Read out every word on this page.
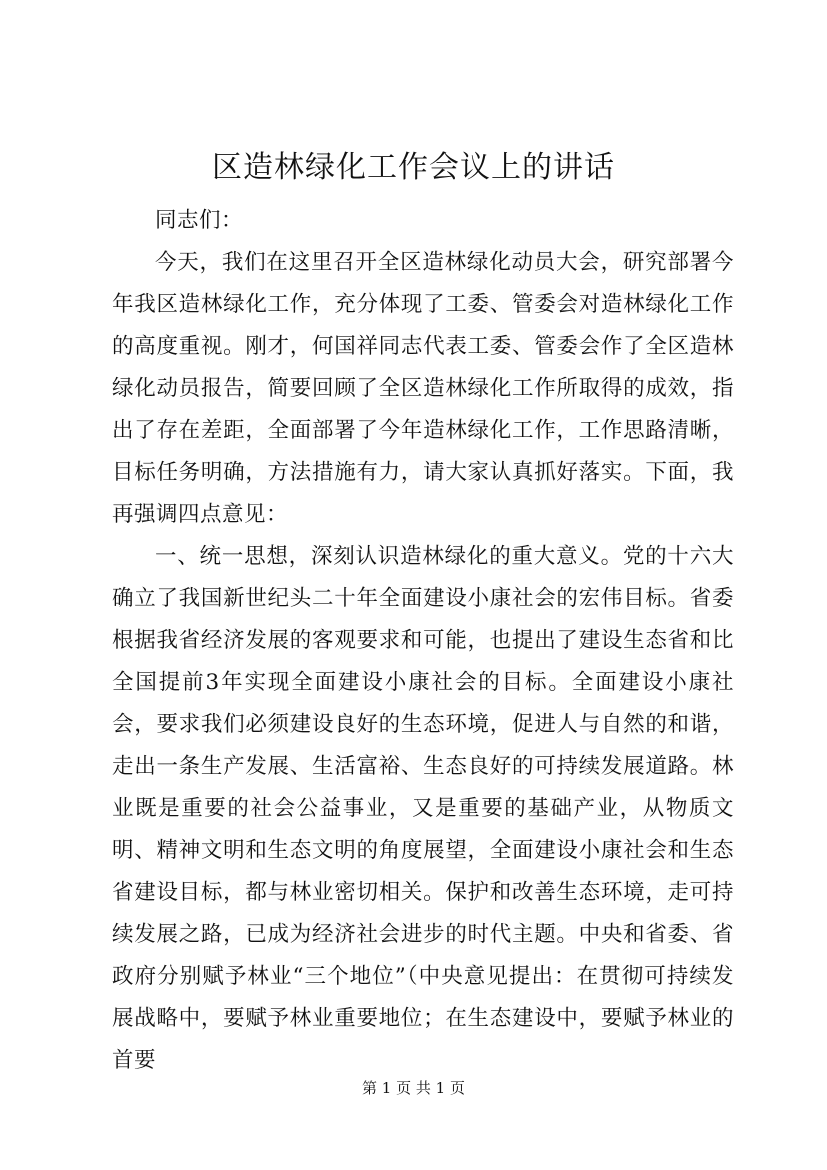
区造林绿化工作会议上的讲话

同志们：

今天，我们在这里召开全区造林绿化动员大会，研究部署今年我区造林绿化工作，充分体现了工委、管委会对造林绿化工作的高度重视。刚才，何国祥同志代表工委、管委会作了全区造林绿化动员报告，简要回顾了全区造林绿化工作所取得的成效，指出了存在差距，全面部署了今年造林绿化工作，工作思路清晰，目标任务明确，方法措施有力，请大家认真抓好落实。下面，我再强调四点意见：

一、统一思想，深刻认识造林绿化的重大意义。党的十六大确立了我国新世纪头二十年全面建设小康社会的宏伟目标。省委根据我省经济发展的客观要求和可能，也提出了建设生态省和比全国提前3年实现全面建设小康社会的目标。全面建设小康社会，要求我们必须建设良好的生态环境，促进人与自然的和谐，走出一条生产发展、生活富裕、生态良好的可持续发展道路。林业既是重要的社会公益事业，又是重要的基础产业，从物质文明、精神文明和生态文明的角度展望，全面建设小康社会和生态省建设目标，都与林业密切相关。保护和改善生态环境，走可持续发展之路，已成为经济社会进步的时代主题。中央和省委、省政府分别赋予林业“三个地位”（中央意见提出：在贯彻可持续发展战略中，要赋予林业重要地位；在生态建设中，要赋予林业的首要

第 1 页 共 1 页
